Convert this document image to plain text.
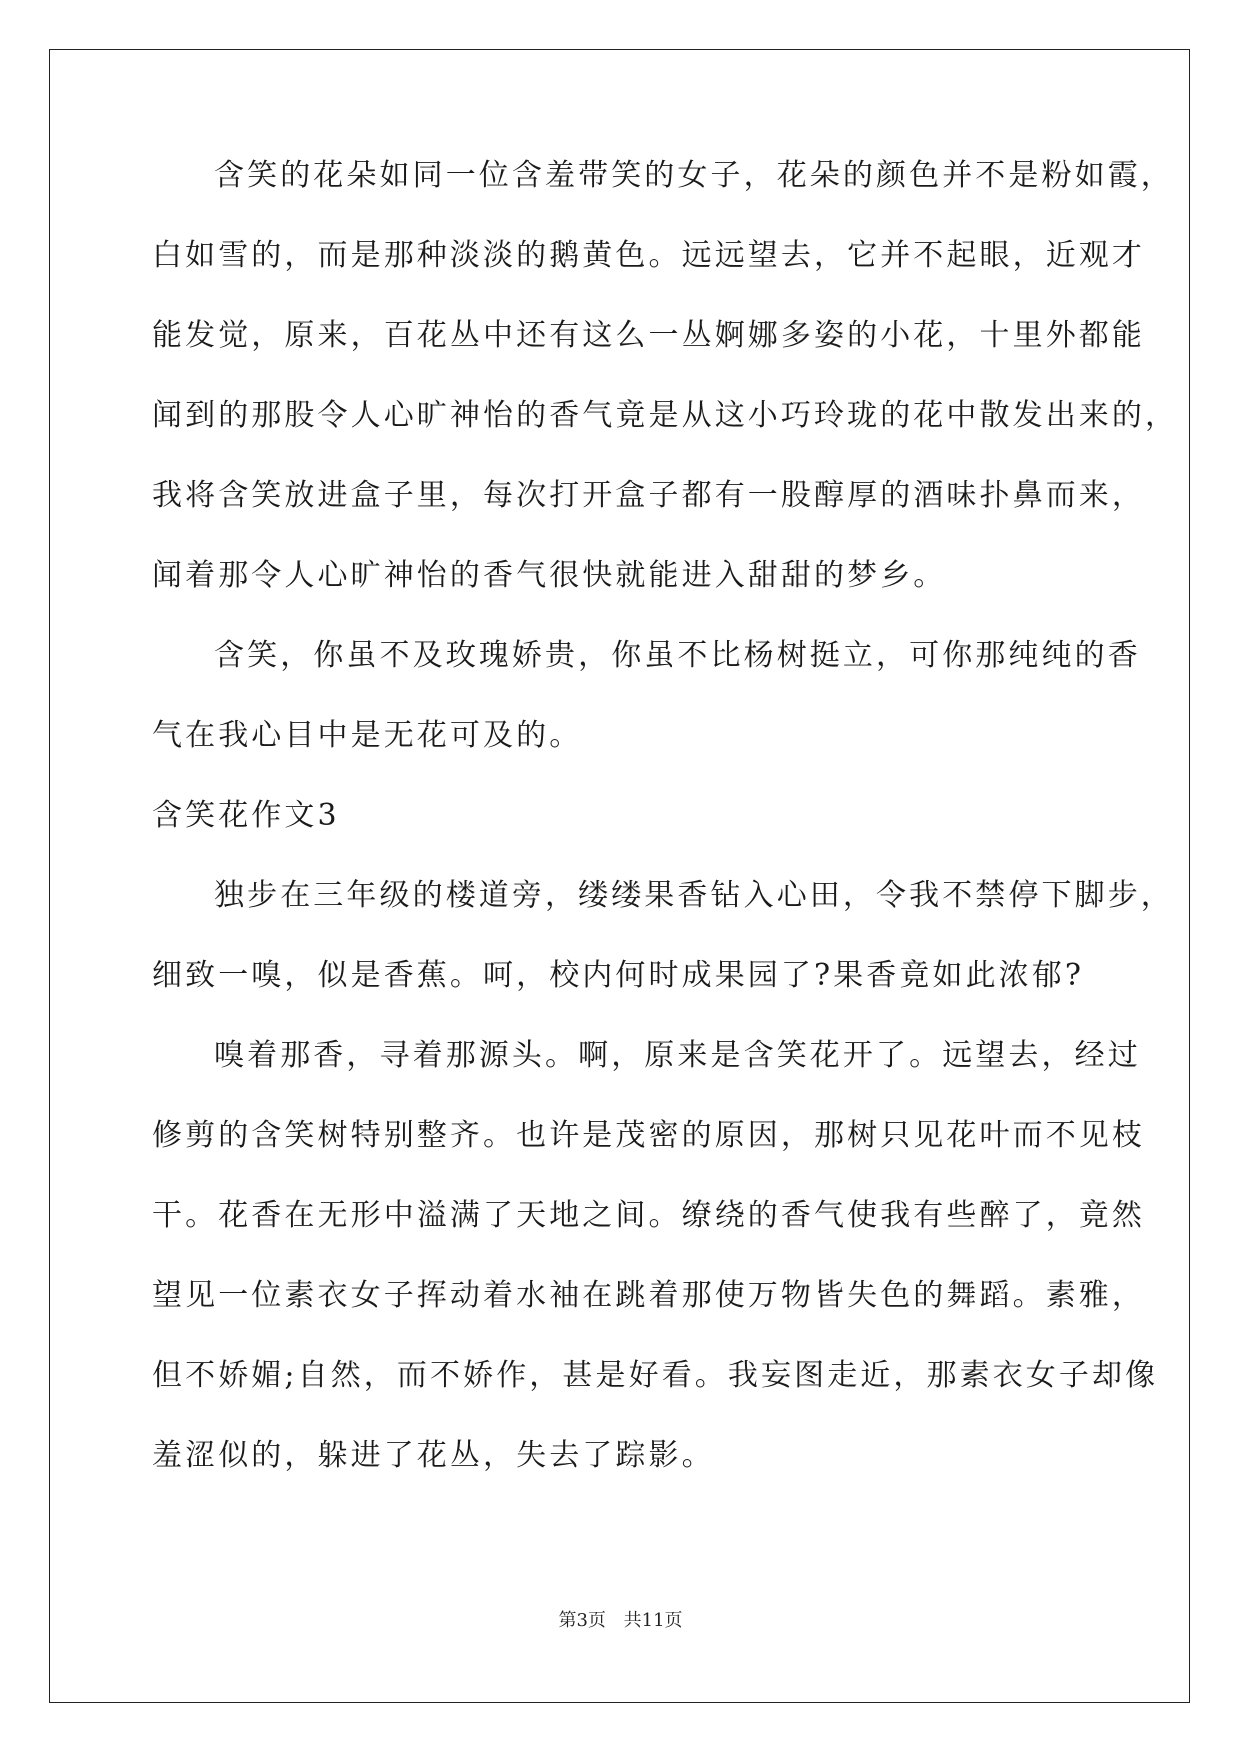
含笑的花朵如同一位含羞带笑的女子，花朵的颜色并不是粉如霞，
白如雪的，而是那种淡淡的鹅黄色。远远望去，它并不起眼，近观才
能发觉，原来，百花丛中还有这么一丛婀娜多姿的小花，十里外都能
闻到的那股令人心旷神怡的香气竟是从这小巧玲珑的花中散发出来的，
我将含笑放进盒子里，每次打开盒子都有一股醇厚的酒味扑鼻而来，
闻着那令人心旷神怡的香气很快就能进入甜甜的梦乡。
含笑，你虽不及玫瑰娇贵，你虽不比杨树挺立，可你那纯纯的香
气在我心目中是无花可及的。
含笑花作文3
独步在三年级的楼道旁，缕缕果香钻入心田，令我不禁停下脚步，
细致一嗅，似是香蕉。呵，校内何时成果园了?果香竟如此浓郁?
嗅着那香，寻着那源头。啊，原来是含笑花开了。远望去，经过
修剪的含笑树特别整齐。也许是茂密的原因，那树只见花叶而不见枝
干。花香在无形中溢满了天地之间。缭绕的香气使我有些醉了，竟然
望见一位素衣女子挥动着水袖在跳着那使万物皆失色的舞蹈。素雅，
但不娇媚;自然，而不娇作，甚是好看。我妄图走近，那素衣女子却像
羞涩似的，躲进了花丛，失去了踪影。
第3页 共11页
